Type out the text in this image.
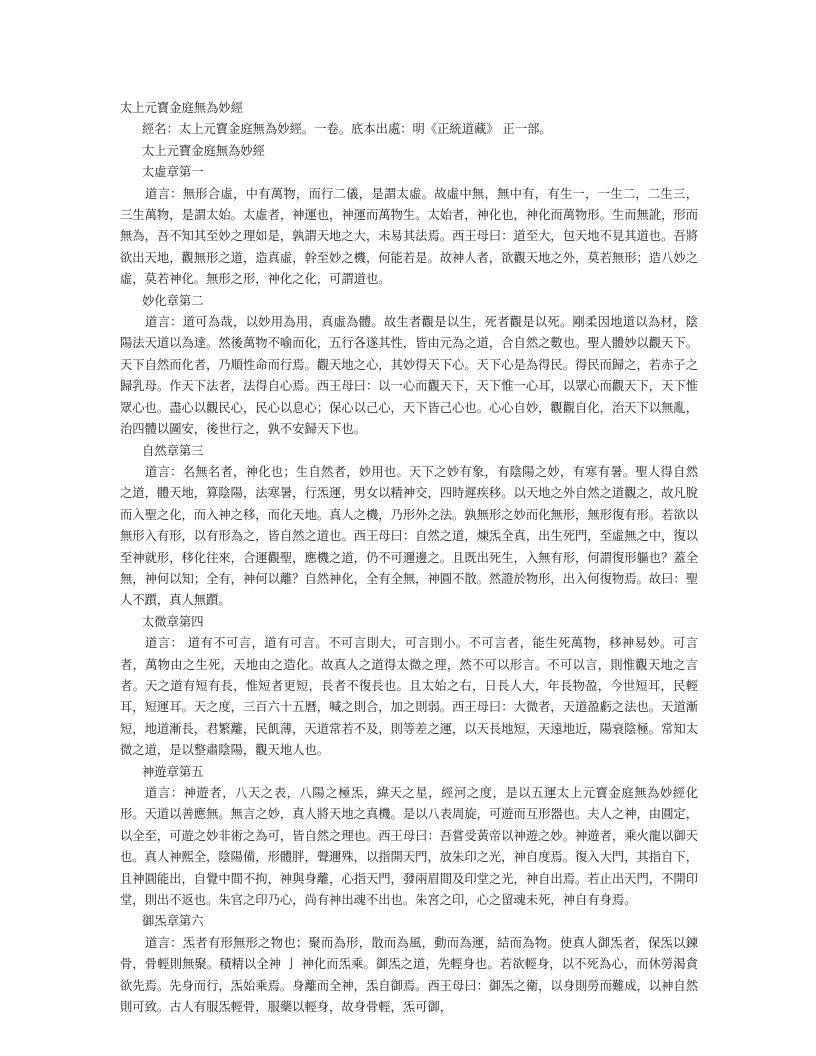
太上元寶金庭無為妙經

經名：太上元寶金庭無為妙經。一卷。底本出處：明《正統道藏》 正一部。

太上元寶金庭無為妙經

太虛章第一

道言：無形合虛，中有萬物，而行二儀，是謂太虛。故虛中無，無中有，有生一，一生二，二生三，三生萬物，是謂太始。太虛者，神運也，神運而萬物生。太始者，神化也，神化而萬物形。生而無訛，形而無為，吾不知其至妙之理如是，孰謂天地之大，未易其法焉。西王母曰：道至大，包天地不見其道也。吾將欲出天地，觀無形之道，造真虛，幹至妙之機，何能若是。故神人者，欲觀天地之外，莫若無形；造八妙之虛，莫若神化。無形之形，神化之化，可謂道也。

妙化章第二

道言：道可為哉，以妙用為用，真虛為體。故生者觀是以生，死者觀是以死。剛柔因地道以為材，陰陽法天道以為達。然後萬物不喻而化，五行各遂其性，皆由元為之道，合自然之數也。聖人體妙以觀天下。天下自然而化者，乃順性命而行焉。觀天地之心，其妙得天下心。天下心是為得民。得民而歸之，若赤子之歸乳母。作天下法者，法得自心焉。西王母曰：以一心而觀天下，天下惟一心耳，以眾心而觀天下，天下惟眾心也。盡心以觀民心，民心以息心；保心以己心，天下皆己心也。心心自妙，觀觀自化，治天下以無亂，治四體以圖安，後世行之，孰不安歸天下也。

自然章第三

道言：名無名者，神化也；生自然者，妙用也。天下之妙有象，有陰陽之妙，有寒有暑。聖人得自然之道，體天地，算陰陽，法寒暑，行炁運，男女以精神交，四時遲疾移。以天地之外自然之道觀之，故凡脫而入聖之化，而入神之移，而化天地。真人之機，乃形外之法。孰無形之妙而化無形，無形復有形。若欲以無形入有形，以有形為之，皆自然之道也。西王母曰：自然之道，煉炁全真，出生死門，至虛無之中，復以至神就形，移化往來，合運觀聖，應機之道，仍不可邇邊之。且既出死生，入無有形，何謂復形軀也？蓋全無，神何以知；全有，神何以離？自然神化，全有全無，神圓不散。然證於物形，出入何復物焉。故曰：聖人不躓，真人無躓。

太微章第四

道言： 道有不可言，道有可言。不可言則大，可言則小。不可言者，能生死萬物，移神易妙。可言者，萬物由之生死，天地由之造化。故真人之道得太微之理，然不可以形言。不可以言，則惟觀天地之言者。天之道有短有長，惟短者更短，長者不復長也。且太始之右，日長人大，年長物盈，今世短耳，民輕耳，短運耳。天之度，三百六十五曆，喊之則合，加之則弱。西王母曰：大微者，天道盈虧之法也。天道漸短，地道漸長，君繁離，民飢薄，天道常若不及，則等差之運，以天長地短，天遠地近，陽衰陰極。常知太微之道，是以整肅陰陽，觀天地人也。

神遊章第五

道言：神遊者，八天之表，八陽之極炁，緯天之星，經河之度，是以五運太上元寶金庭無為妙經化形。天道以善應無。無言之妙，真人將天地之真機。是以八表周旋，可遊而互形器也。夫人之神，由圓定，以全至，可遊之妙非術之為可，皆自然之理也。西王母曰：吾嘗受黃帝以神遊之妙。神遊者，乘火龍以御天也。真人神熙全，陰陽備，形體胖，聲邇殊，以指開天門，放朱印之光，神自度焉。復入大門，其指自下，且神圓能出，自覺中間不拘，神與身離，心指天門，發兩眉間及印堂之光，神自出焉。若止出天門，不開印堂，則出不返也。朱官之印乃心，尚有神出魂不出也。朱宮之印，心之留魂未死，神自有身焉。

御炁章第六

道言：炁者有形無形之物也；聚而為形，散而為風，動而為運，結而為物。使真人御炁者，保炁以鍊骨，骨輕則無聚。積精以全神 亅 神化而炁乘。御炁之道，先輕身也。若欲輕身，以不死為心，而休勞渴貪欲先焉。先身而行，炁始乘焉。身離而全神，炁自御焉。西王母曰：御炁之衛，以身則勞而難成，以神自然則可致。古人有服炁輕骨，服藥以輕身，故身骨輕，炁可御，
